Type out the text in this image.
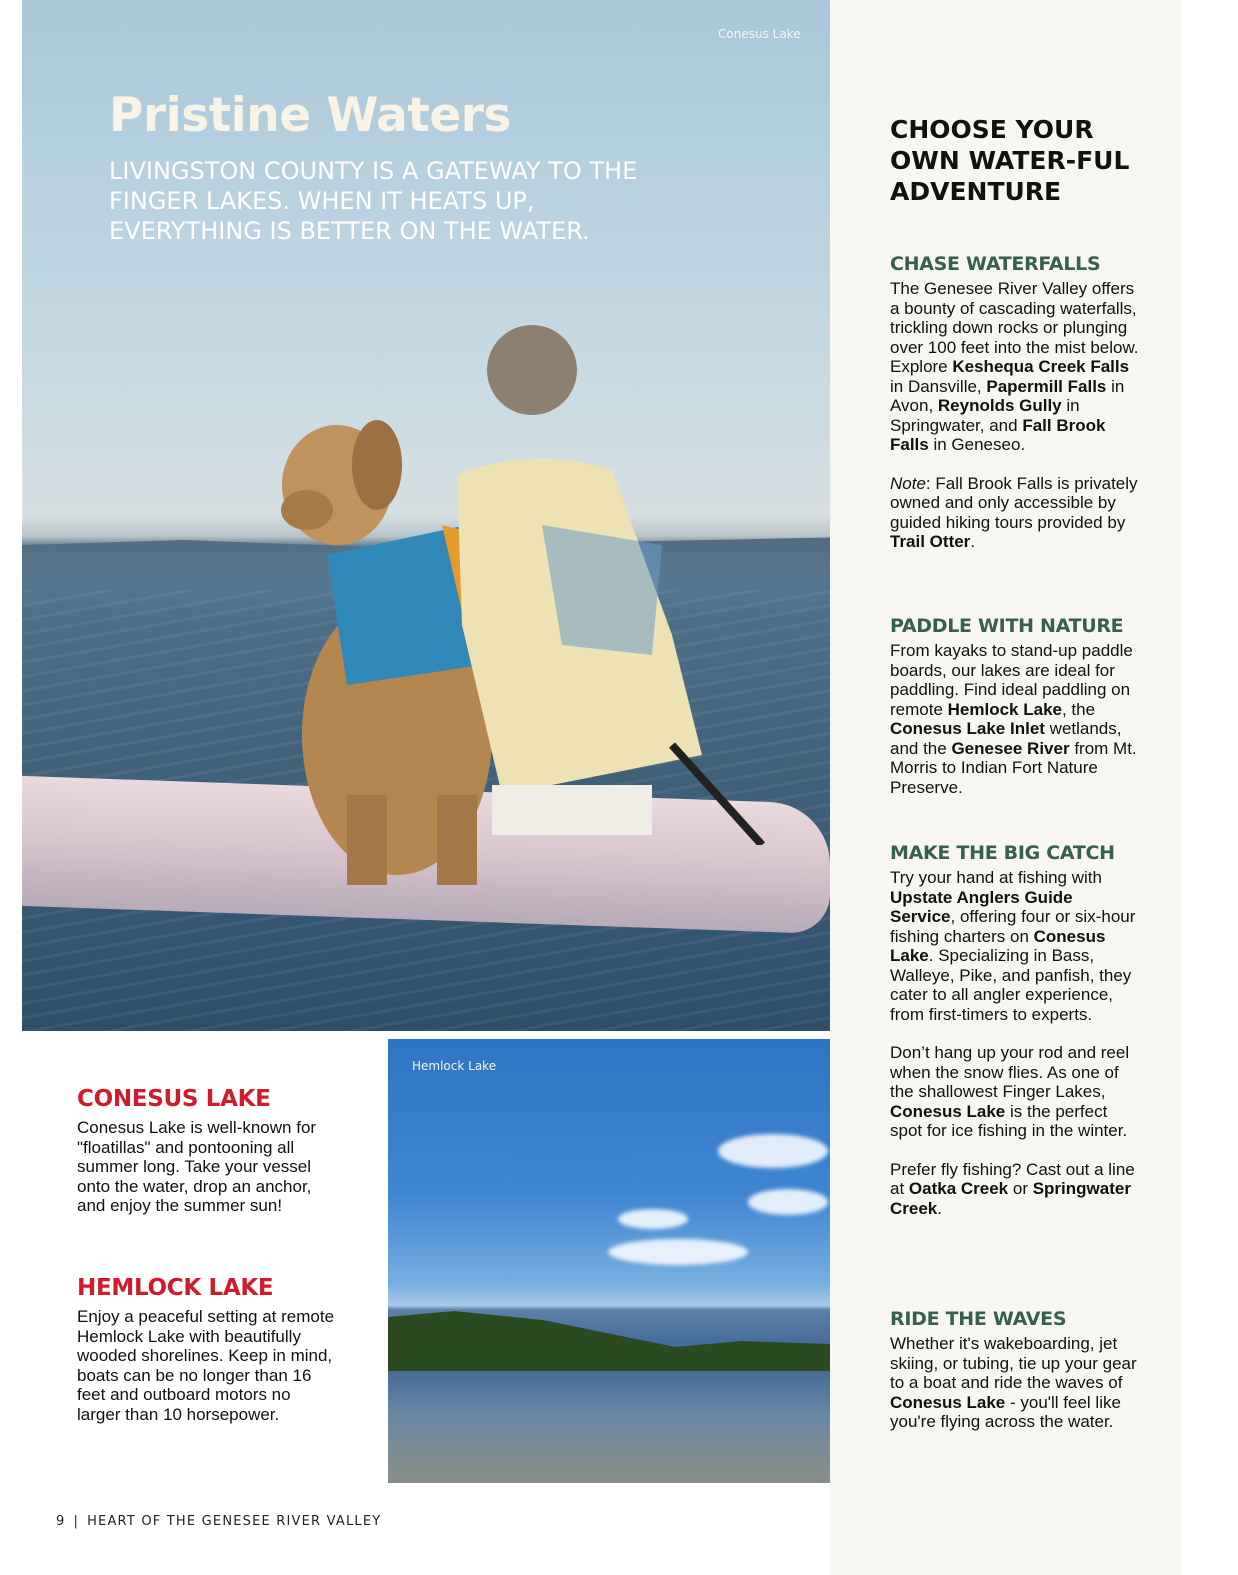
Conesus Lake
Pristine Waters
LIVINGSTON COUNTY IS A GATEWAY TO THE FINGER LAKES. WHEN IT HEATS UP, EVERYTHING IS BETTER ON THE WATER.
CHOOSE YOUR OWN WATER-FUL ADVENTURE
CHASE WATERFALLS

The Genesee River Valley offers a bounty of cascading waterfalls, trickling down rocks or plunging over 100 feet into the mist below. Explore Keshequa Creek Falls in Dansville, Papermill Falls in Avon, Reynolds Gully in Springwater, and Fall Brook Falls in Geneseo.

Note: Fall Brook Falls is privately owned and only accessible by guided hiking tours provided by Trail Otter.

PADDLE WITH NATURE

From kayaks to stand-up paddle boards, our lakes are ideal for paddling. Find ideal paddling on remote Hemlock Lake, the Conesus Lake Inlet wetlands, and the Genesee River from Mt. Morris to Indian Fort Nature Preserve.

MAKE THE BIG CATCH

Try your hand at fishing with Upstate Anglers Guide Service, offering four or six-hour fishing charters on Conesus Lake. Specializing in Bass, Walleye, Pike, and panfish, they cater to all angler experience, from first-timers to experts.

Don’t hang up your rod and reel when the snow flies. As one of the shallowest Finger Lakes, Conesus Lake is the perfect spot for ice fishing in the winter.

Prefer fly fishing? Cast out a line at Oatka Creek or Springwater Creek.

RIDE THE WAVES

Whether it's wakeboarding, jet skiing, or tubing, tie up your gear to a boat and ride the waves of Conesus Lake - you'll feel like you're flying across the water.

CONESUS LAKE

Conesus Lake is well-known for "floatillas" and pontooning all summer long. Take your vessel onto the water, drop an anchor, and enjoy the summer sun!

HEMLOCK LAKE

Enjoy a peaceful setting at remote Hemlock Lake with beautifully wooded shorelines. Keep in mind, boats can be no longer than 16 feet and outboard motors no larger than 10 horsepower.

Hemlock Lake
9 | HEART OF THE GENESEE RIVER VALLEY
